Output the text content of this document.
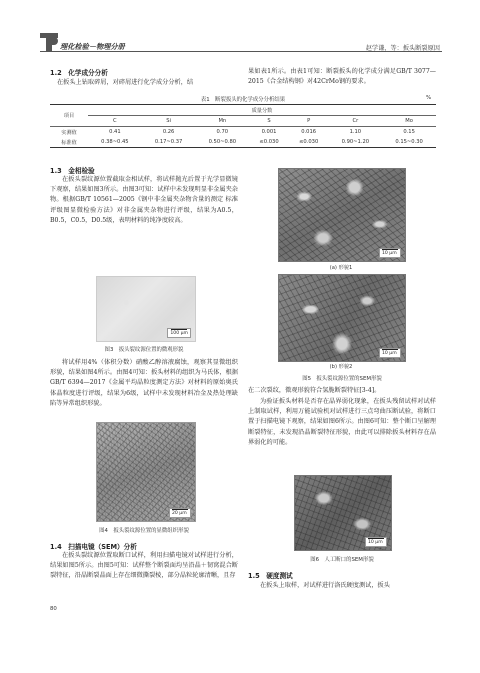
理化检验－物理分册	赵学谦，等：扳头断裂原因
1.2　化学成分分析
在扳头上钻取碎屑，对碎屑进行化学成分分析，结
果如表1所示。由表1可知：断裂扳头的化学成分满足GB/T 3077—2015《合金结构钢》对42CrMo钢的要求。
表1　断裂扳头的化学成分分析结果	%
项目	质量分数						
	C	Si	Mn	S	P	Cr	Mo
实测值	0.41	0.26	0.70	0.001	0.016	1.10	0.15
标准值	0.38~0.45	0.17~0.37	0.50~0.80	≤0.030	≤0.030	0.90~1.20	0.15~0.30
1.3　金相检验
在扳头裂纹源位置截取金相试样，将试样抛光后置于光学显微镜下观察，结果如图3所示。由图3可知：试样中未发现明显非金属夹杂物。根据GB/T 10561—2005《钢中非金属夹杂物含量的测定 标准评级图显微检验方法》对非金属夹杂物进行评级，结果为A0.5，B0.5，C0.5，D0.5级，表明材料的纯净度较高。
100 μm
图3　扳头裂纹源位置的微观形貌
将试样用4%（体积分数）硝酸乙醇溶液腐蚀，观察其显微组织形貌，结果如图4所示。由图4可知：扳头材料的组织为马氏体，根据GB/T 6394—2017《金属平均晶粒度测定方法》对材料的原始奥氏体晶粒度进行评级，结果为6级，试样中未发现材料冶金及热处理缺陷等异常组织形貌。
20 μm
图4　扳头裂纹源位置的显微组织形貌
1.4　扫描电镜（SEM）分析
在扳头裂纹源位置取断口试样，利用扫描电镜对试样进行分析，结果如图5所示。由图5可知：试样整个断裂面均呈沿晶＋韧窝混合断裂特征，沿晶断裂晶面上存在细微撕裂棱，部分晶粒轮廓清晰，且存
80
10 μm
(a) 形貌1
10 μm
(b) 形貌2
图5　扳头裂纹源位置的SEM形貌
在二次裂纹，微观形貌符合氢脆断裂特征[3-4]。
为验证扳头材料是否存在晶界弱化现象，在扳头残留试样对试样上制取试样，利用万能试验机对试样进行三点弯曲压断试验，将断口置于扫描电镜下观察，结果如图6所示。由图6可知：整个断口呈解理断裂特征，未发现沿晶断裂特征形貌，由此可以排除扳头材料存在晶界弱化的可能。
10 μm
图6　人工断口的SEM形貌
1.5　硬度测试
在扳头上取样，对试样进行洛氏硬度测试，扳头
